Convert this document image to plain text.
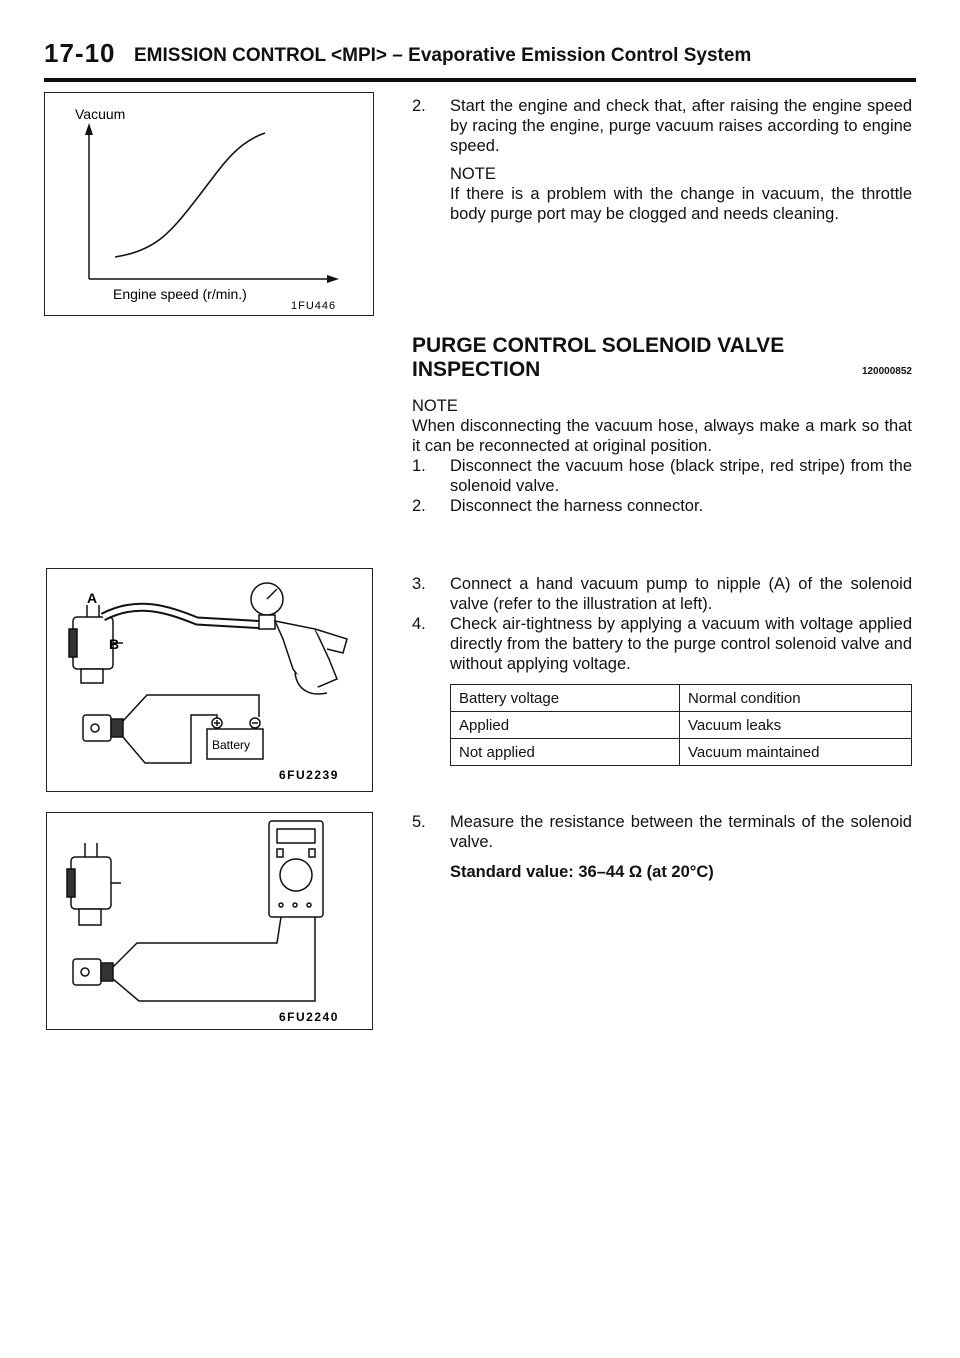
17-10 EMISSION CONTROL <MPI> – Evaporative Emission Control System
Vacuum
Engine speed (r/min.)
1FU446
A
B
Battery
6FU2239
6FU2240
2.	Start the engine and check that, after raising the engine speed by racing the engine, purge vacuum raises according to engine speed.

NOTE

If there is a problem with the change in vacuum, the throttle body purge port may be clogged and needs cleaning.

PURGE CONTROL SOLENOID VALVE
INSPECTION	120000852

NOTE

When disconnecting the vacuum hose, always make a mark so that it can be reconnected at original position.

1.	Disconnect the vacuum hose (black stripe, red stripe) from the solenoid valve.

2.	Disconnect the harness connector.

3.	Connect a hand vacuum pump to nipple (A) of the solenoid valve (refer to the illustration at left).

4.	Check air-tightness by applying a vacuum with voltage applied directly from the battery to the purge control solenoid valve and without applying voltage.

Battery voltage	Normal condition
Applied	Vacuum leaks
Not applied	Vacuum maintained
5.	Measure the resistance between the terminals of the solenoid valve.

Standard value: 36–44 Ω (at 20°C)
